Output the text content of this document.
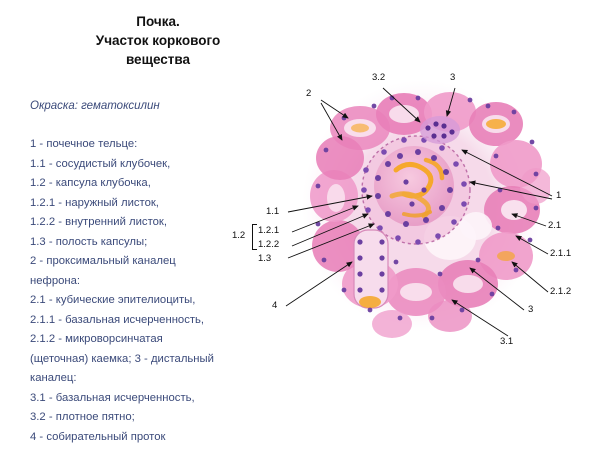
Почка.
Участок коркового
вещества
Окраска: гематоксилин
1 - почечное тельце:
1.1 - сосудистый клубочек,
1.2 - капсула клубочка,
1.2.1 - наружный листок,
1.2.2 - внутренний листок,
1.3 - полость капсулы;
2 - проксимальный каналец
нефрона:
2.1 - кубические эпителиоциты,
2.1.1 - базальная исчерченность,
2.1.2 - микроворсинчатая
(щеточная) каемка; 3 - дистальный
каналец:
3.1 - базальная исчерченность,
3.2 - плотное пятно;
4 - собирательный проток
2
3.2	3
1.1
1.2 1.2.1
1.2.2
1.3
4
1
2.1
2.1.1
2.1.2
3
3.1
